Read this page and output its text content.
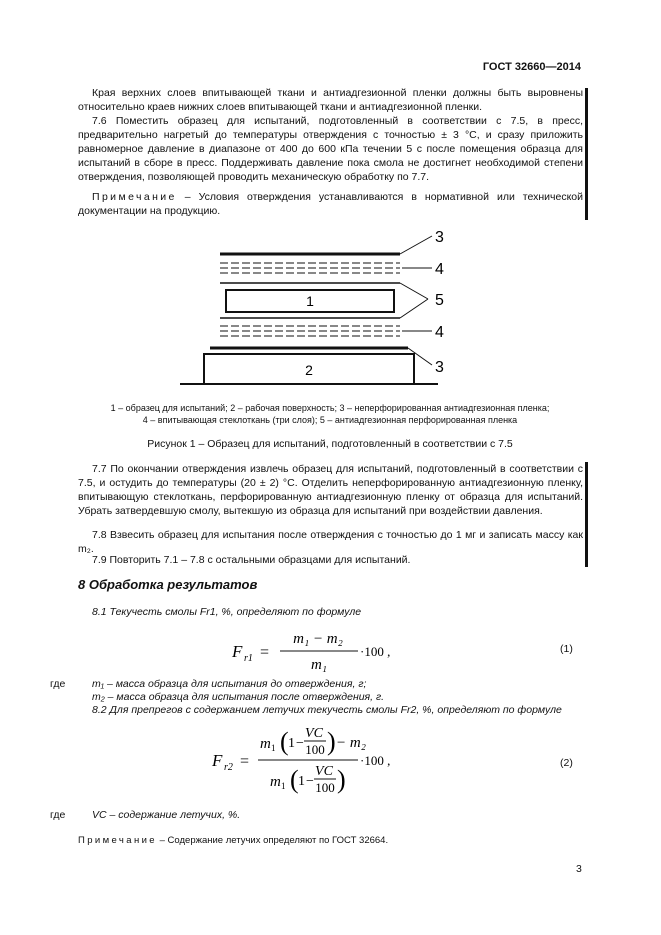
ГОСТ 32660—2014
Края верхних слоев впитывающей ткани и антиадгезионной пленки должны быть выровнены относительно краев нижних слоев впитывающей ткани и антиадгезионной пленки.
7.6 Поместить образец для испытаний, подготовленный в соответствии с 7.5, в пресс, предварительно нагретый до температуры отверждения с точностью ± 3 °С, и сразу приложить равномерное давление в диапазоне от 400 до 600 кПа течении 5 с после помещения образца для испытаний в сборе в пресс. Поддерживать давление пока смола не достигнет необходимой степени отверждения, позволяющей проводить механическую обработку по 7.7.
Примечание – Условия отверждения устанавливаются в нормативной или технической документации на продукцию.
1
2
3
4
5
4
3
1 – образец для испытаний; 2 – рабочая поверхность; 3 – неперфорированная антиадгезионная пленка;
4 – впитывающая стеклоткань (три слоя); 5 – антиадгезионная перфорированная пленка
Рисунок 1 – Образец для испытаний, подготовленный в соответствии с 7.5
7.7 По окончании отверждения извлечь образец для испытаний, подготовленный в соответствии с 7.5, и остудить до температуры (20 ± 2) °С. Отделить неперфорированную антиадгезионную пленку, впитывающую стеклоткань, перфорированную антиадгезионную пленку от образца для испытаний. Убрать затвердевшую смолу, вытекшую из образца для испытаний при воздействии давления.
7.8 Взвесить образец для испытания после отверждения с точностью до 1 мг и записать массу как m₂.
7.9 Повторить 7.1 – 7.8 с остальными образцами для испытаний.
8 Обработка результатов
8.1 Текучесть смолы Fr1, %, определяют по формуле
F r1 =
m₁ − m₂
m₁
·100 ,	(1)
где	m₁ – масса образца для испытания до отверждения, г;
m₂ – масса образца для испытания после отверждения, г.
8.2 Для препрегов с содержанием летучих текучесть смолы Fr2, %, определяют по формуле
F r2 =
m 1 ( 1 −
VC
100 ) − m₂
m 1 ( 1 −
VC
100 )
·100 ,	(2)
где	VC – содержание летучих, %.
Примечание – Содержание летучих определяют по ГОСТ 32664.
3
